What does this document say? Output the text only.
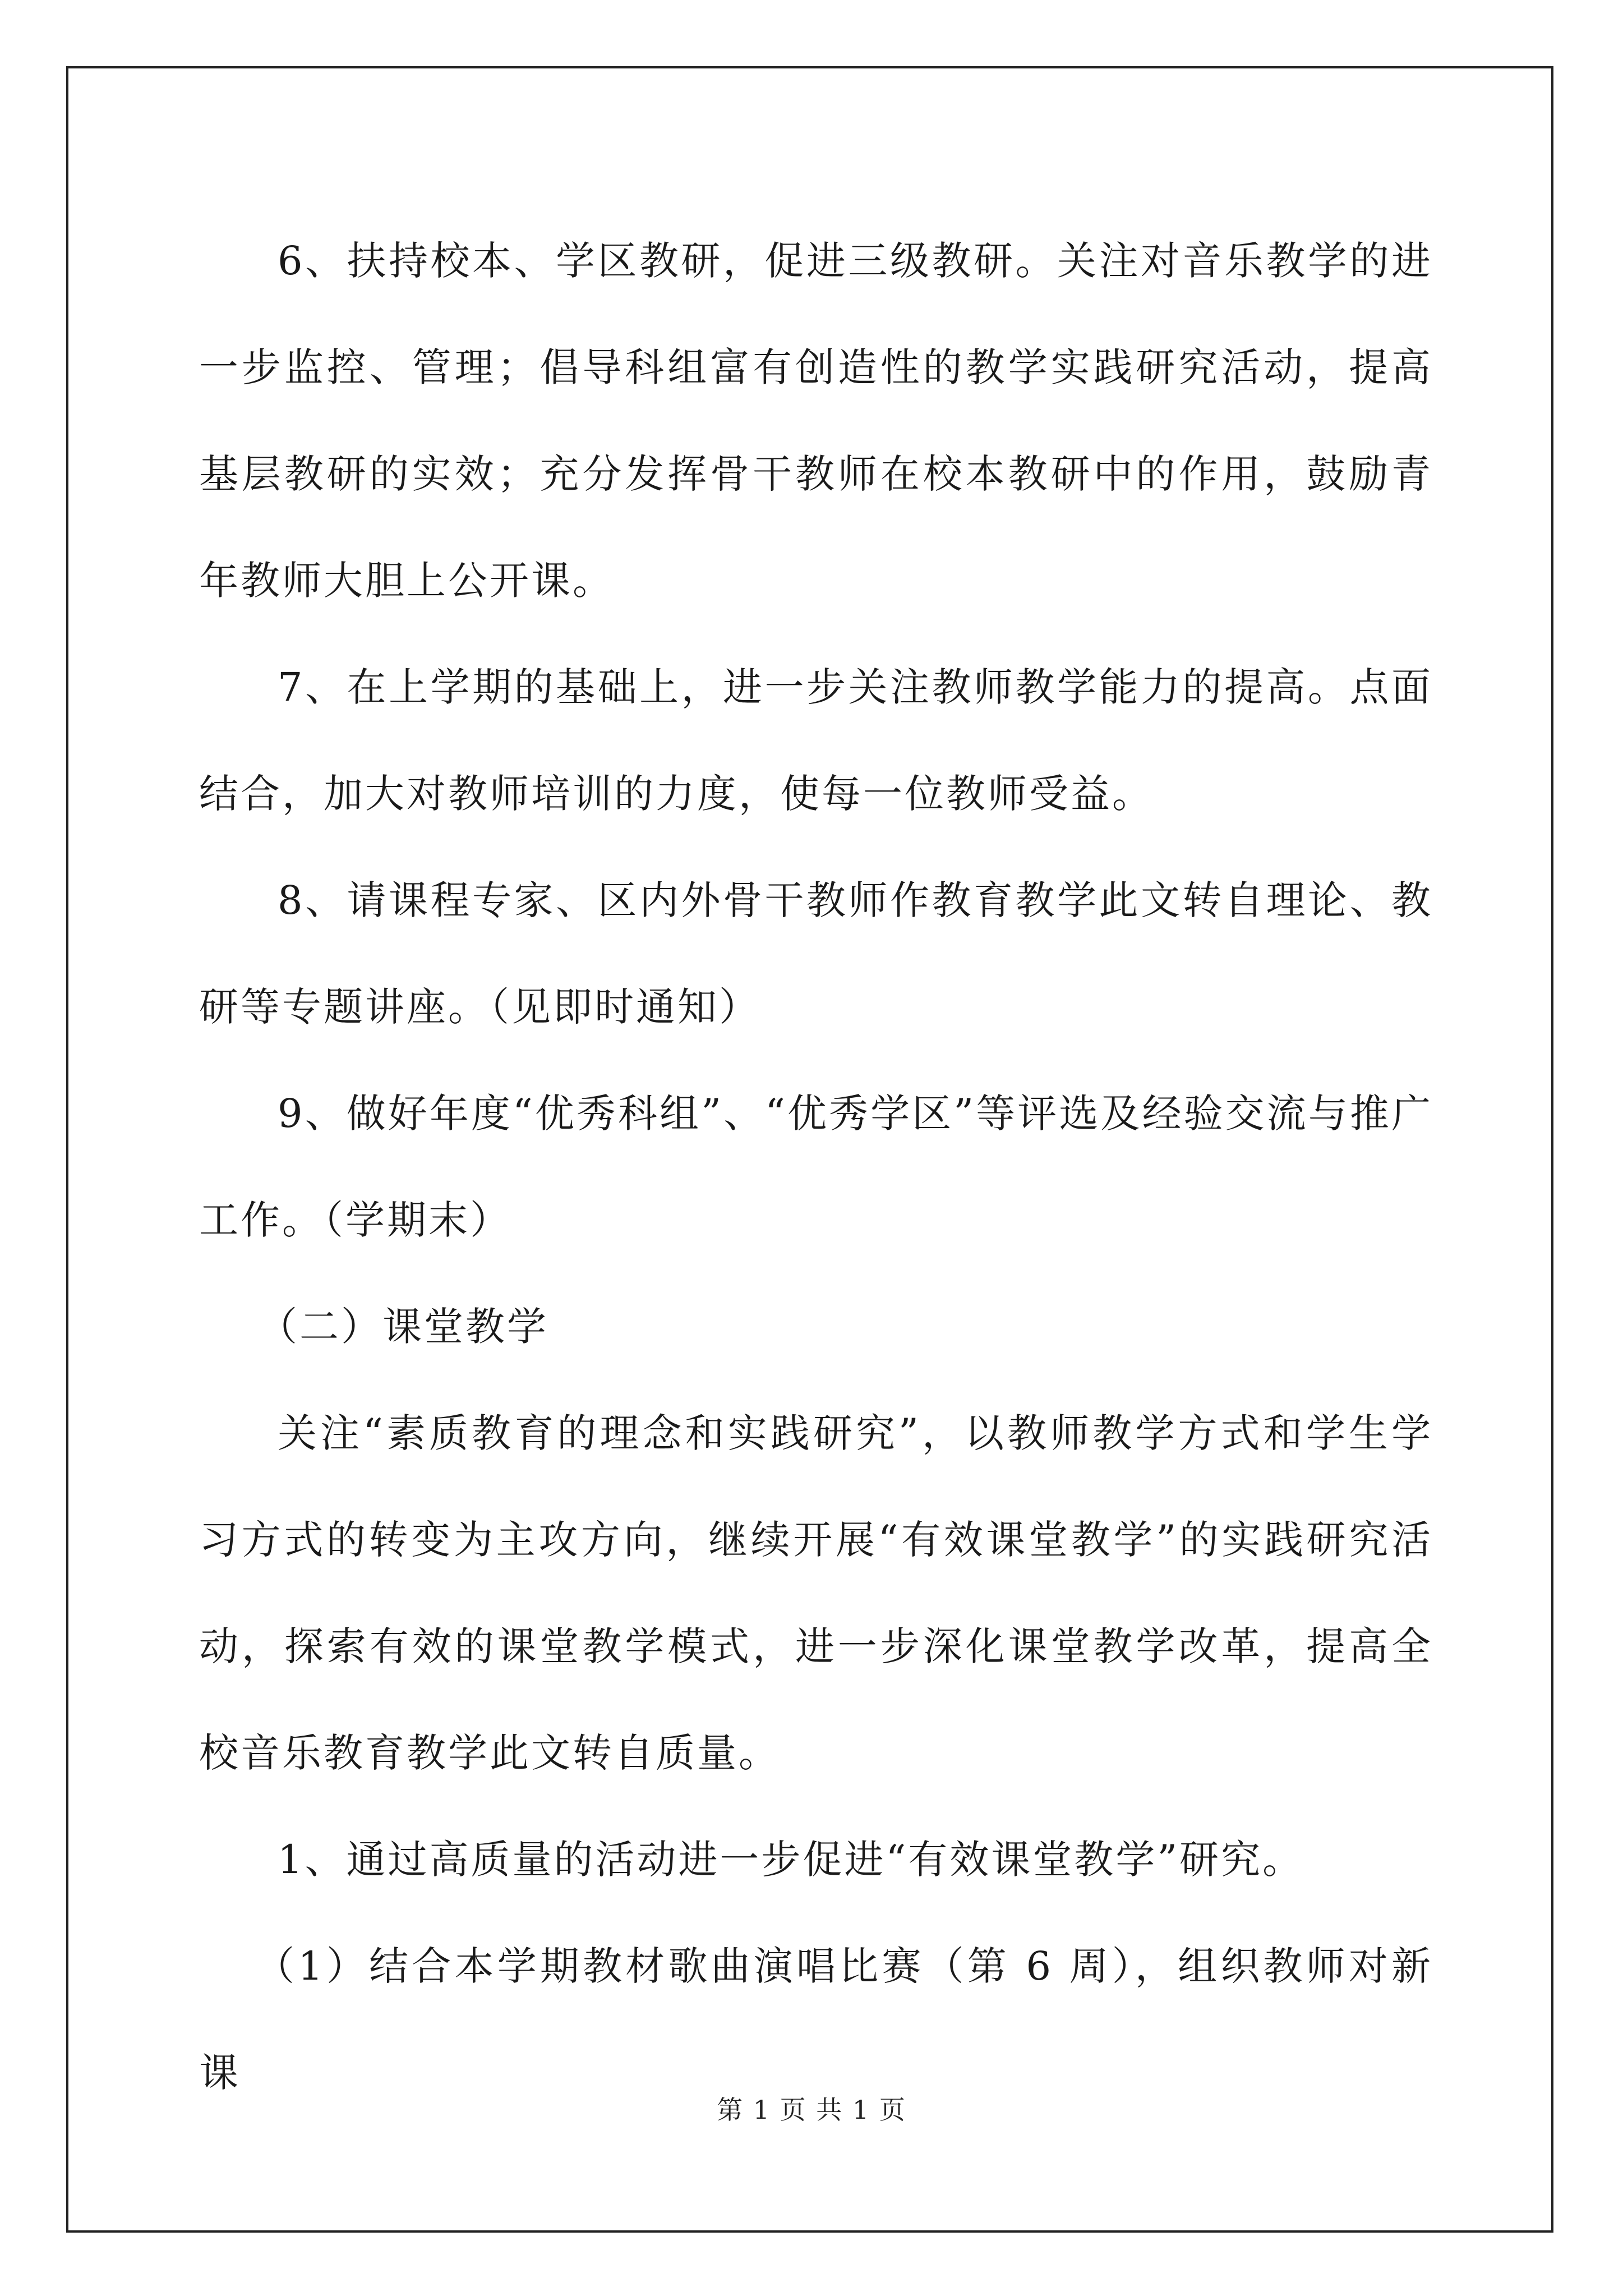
6、扶持校本、学区教研，促进三级教研。关注对音乐教学的进一步监控、管理；倡导科组富有创造性的教学实践研究活动，提高基层教研的实效；充分发挥骨干教师在校本教研中的作用，鼓励青年教师大胆上公开课。

7、在上学期的基础上，进一步关注教师教学能力的提高。点面结合，加大对教师培训的力度，使每一位教师受益。

8、请课程专家、区内外骨干教师作教育教学此文转自理论、教研等专题讲座。（见即时通知）

9、做好年度“优秀科组”、“优秀学区”等评选及经验交流与推广工作。（学期末）

（二）课堂教学

关注“素质教育的理念和实践研究”，以教师教学方式和学生学习方式的转变为主攻方向，继续开展“有效课堂教学”的实践研究活动，探索有效的课堂教学模式，进一步深化课堂教学改革，提高全校音乐教育教学此文转自质量。

1、通过高质量的活动进一步促进“有效课堂教学”研究。

（1）结合本学期教材歌曲演唱比赛（第 6 周），组织教师对新课

第 1 页 共 1 页
